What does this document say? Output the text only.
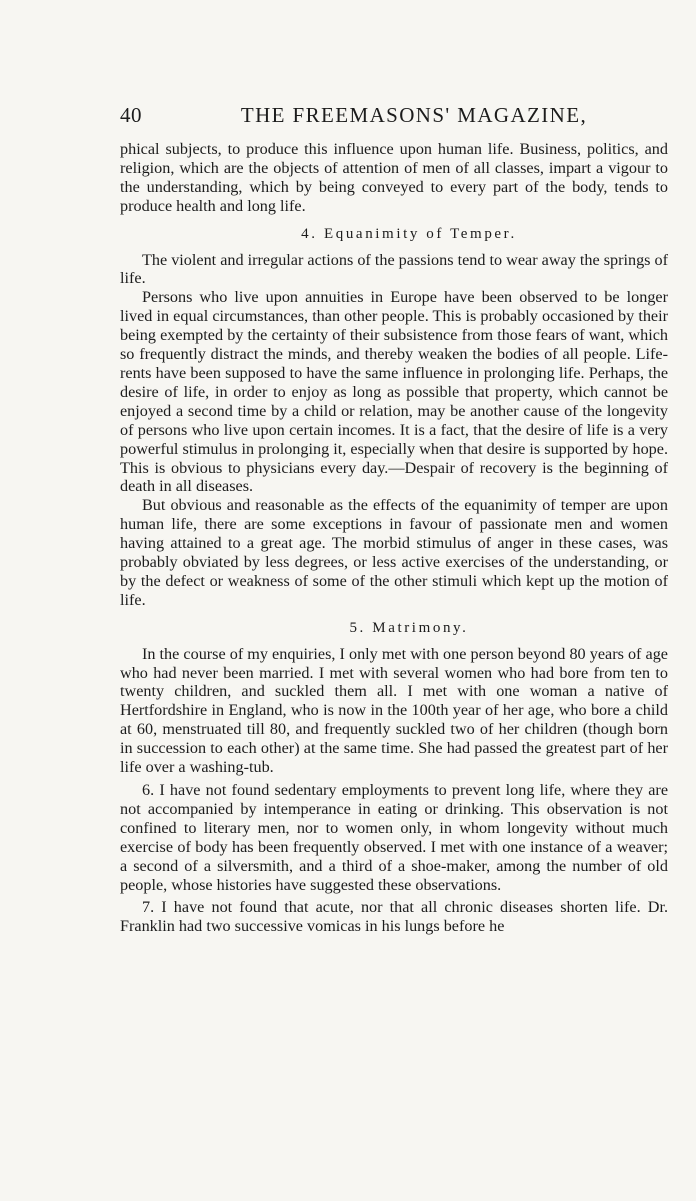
40	THE FREEMASONS' MAGAZINE,

phical subjects, to produce this influence upon human life. Business, politics, and religion, which are the objects of attention of men of all classes, impart a vigour to the understanding, which by being conveyed to every part of the body, tends to produce health and long life.

4. Equanimity of Temper.

The violent and irregular actions of the passions tend to wear away the springs of life.

Persons who live upon annuities in Europe have been observed to be longer lived in equal circumstances, than other people. This is probably occasioned by their being exempted by the certainty of their subsistence from those fears of want, which so frequently distract the minds, and thereby weaken the bodies of all people. Life-rents have been supposed to have the same influence in prolonging life. Perhaps, the desire of life, in order to enjoy as long as possible that property, which cannot be enjoyed a second time by a child or relation, may be another cause of the longevity of persons who live upon certain incomes. It is a fact, that the desire of life is a very powerful stimulus in prolonging it, especially when that desire is supported by hope. This is obvious to physicians every day.—Despair of recovery is the beginning of death in all diseases.

But obvious and reasonable as the effects of the equanimity of temper are upon human life, there are some exceptions in favour of passionate men and women having attained to a great age. The morbid stimulus of anger in these cases, was probably obviated by less degrees, or less active exercises of the understanding, or by the defect or weakness of some of the other stimuli which kept up the motion of life.

5. Matrimony.

In the course of my enquiries, I only met with one person beyond 80 years of age who had never been married. I met with several women who had bore from ten to twenty children, and suckled them all. I met with one woman a native of Hertfordshire in England, who is now in the 100th year of her age, who bore a child at 60, menstruated till 80, and frequently suckled two of her children (though born in succession to each other) at the same time. She had passed the greatest part of her life over a washing-tub.

6. I have not found sedentary employments to prevent long life, where they are not accompanied by intemperance in eating or drinking. This observation is not confined to literary men, nor to women only, in whom longevity without much exercise of body has been frequently observed. I met with one instance of a weaver; a second of a silversmith, and a third of a shoe-maker, among the number of old people, whose histories have suggested these observations.

7. I have not found that acute, nor that all chronic diseases shorten life. Dr. Franklin had two successive vomicas in his lungs before he
